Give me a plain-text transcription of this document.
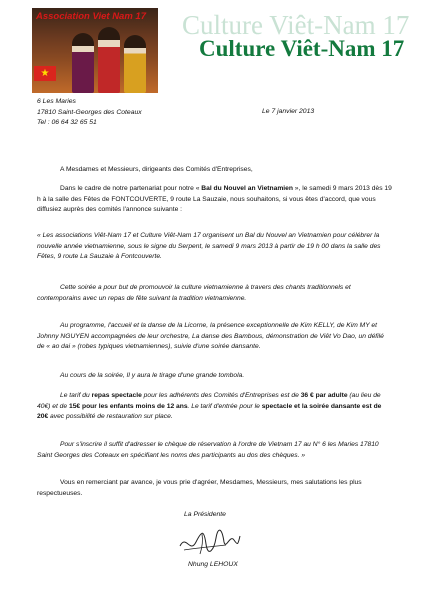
★
Association Viet Nam 17 Culture Viêt-Nam 17
Culture Viêt-Nam 17
6 Les Maries
17810 Saint-Georges des Coteaux
Tel : 06 64 32 65 51
Le 7 janvier 2013
A Mesdames et Messieurs, dirigeants des Comités d'Entreprises,
Dans le cadre de notre partenariat pour notre « Bal du Nouvel an Vietnamien », le samedi 9 mars 2013 dès 19 h à la salle des Fêtes de FONTCOUVERTE, 9 route La Sauzaie, nous souhaitons, si vous êtes d'accord, que vous diffusiez auprès des comités l'annonce suivante :
« Les associations Viêt-Nam 17 et Culture Viêt-Nam 17 organisent un Bal du Nouvel an Vietnamien pour célébrer la nouvelle année vietnamienne, sous le signe du Serpent, le samedi 9 mars 2013 à partir de 19 h 00 dans la salle des Fêtes, 9 route La Sauzaie à Fontcouverte.
Cette soirée a pour but de promouvoir la culture vietnamienne à travers des chants traditionnels et contemporains avec un repas de fête suivant la tradition vietnamienne.
Au programme, l'accueil et la danse de la Licorne, la présence exceptionnelle de Kim KELLY, de Kim MY et Johnny NGUYEN accompagnées de leur orchestre, La danse des Bambous, démonstration de Viêt Vo Dao, un défilé de « ao dai » (robes typiques vietnamiennes), suivie d'une soirée dansante.
Au cours de la soirée, Il y aura le tirage d'une grande tombola.
Le tarif du repas spectacle pour les adhérents des Comités d'Entreprises est de 36 € par adulte (au lieu de 40€) et de 15€ pour les enfants moins de 12 ans. Le tarif d'entrée pour le spectacle et la soirée dansante est de 20€ avec possibilité de restauration sur place.
Pour s'inscrire il suffit d'adresser le chèque de réservation à l'ordre de Vietnam 17 au N° 6 les Maries 17810 Saint Georges des Coteaux en spécifiant les noms des participants au dos des chèques. »
Vous en remerciant par avance, je vous prie d'agréer, Mesdames, Messieurs, mes salutations les plus respectueuses.
La Présidente
Nhung LEHOUX
